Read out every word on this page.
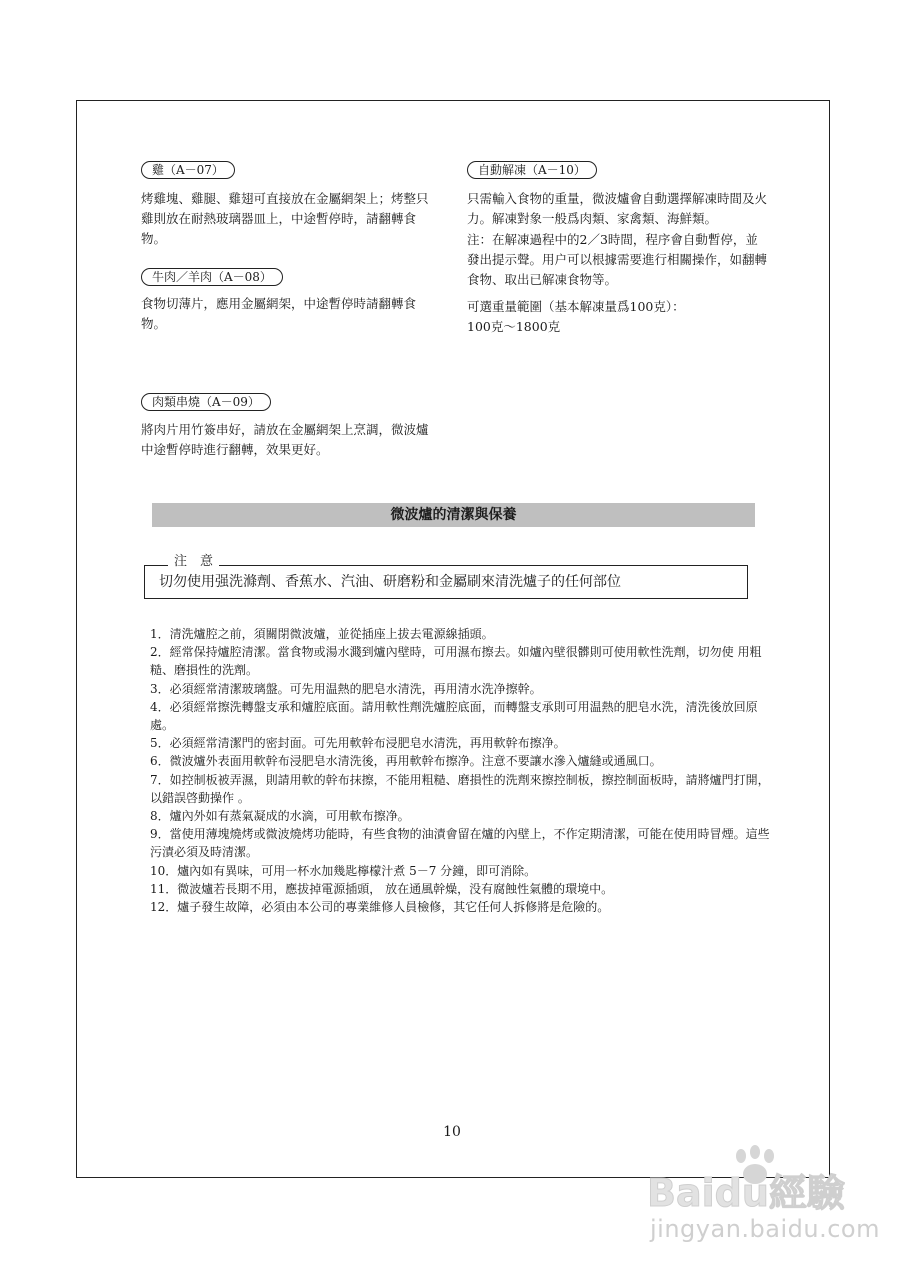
雞（A－07）
烤雞塊、雞腿、雞翅可直接放在金屬網架上；烤整只雞則放在耐熱玻璃器皿上，中途暫停時，請翻轉食物。
牛肉／羊肉（A－08）
食物切薄片，應用金屬網架，中途暫停時請翻轉食物。
肉類串燒（A－09）
將肉片用竹簽串好，請放在金屬網架上烹調，微波爐中途暫停時進行翻轉，效果更好。
自動解凍（A－10）
只需輸入食物的重量，微波爐會自動選擇解凍時間及火力。解凍對象一般爲肉類、家禽類、海鮮類。
注：在解凍過程中的2／3時間，程序會自動暫停，並發出提示聲。用户可以根據需要進行相關操作，如翻轉食物、取出已解凍食物等。
可選重量範圍（基本解凍量爲100克）：
100克～1800克
微波爐的清潔與保養
切勿使用强洗滌劑、香蕉水、汽油、研磨粉和金屬刷來清洗爐子的任何部位
注　意
1．清洗爐腔之前，須關閉微波爐，並從插座上拔去電源線插頭。
2．經常保持爐腔清潔。當食物或湯水濺到爐內壁時，可用濕布擦去。如爐內壁很髒則可使用軟性洗劑，切勿使 用粗糙、磨損性的洗劑。
3．必須經常清潔玻璃盤。可先用温熱的肥皂水清洗，再用清水洗净擦幹。
4．必須經常擦洗轉盤支承和爐腔底面。請用軟性劑洗爐腔底面，而轉盤支承則可用温熱的肥皂水洗，清洗後放回原處。
5．必須經常清潔門的密封面。可先用軟幹布浸肥皂水清洗，再用軟幹布擦净。
6．微波爐外表面用軟幹布浸肥皂水清洗後，再用軟幹布擦净。注意不要讓水滲入爐縫或通風口。
7．如控制板被弄濕，則請用軟的幹布抹擦，不能用粗糙、磨損性的洗劑來擦控制板，擦控制面板時，請將爐門打開，以錯誤啓動操作 。
8．爐內外如有蒸氣凝成的水滴，可用軟布擦净。
9．當使用薄塊燒烤或微波燒烤功能時，有些食物的油漬會留在爐的內壁上，不作定期清潔，可能在使用時冒煙。這些污漬必須及時清潔。
10．爐內如有異味，可用一杯水加幾匙檸檬汁煮 5－7 分鐘，即可消除。
11．微波爐若長期不用，應拔掉電源插頭， 放在通風幹燥，没有腐蝕性氣體的環境中。
12．爐子發生故障，必須由本公司的專業維修人員檢修，其它任何人拆修將是危險的。
10
Baidu經驗
jingyan.baidu.com
